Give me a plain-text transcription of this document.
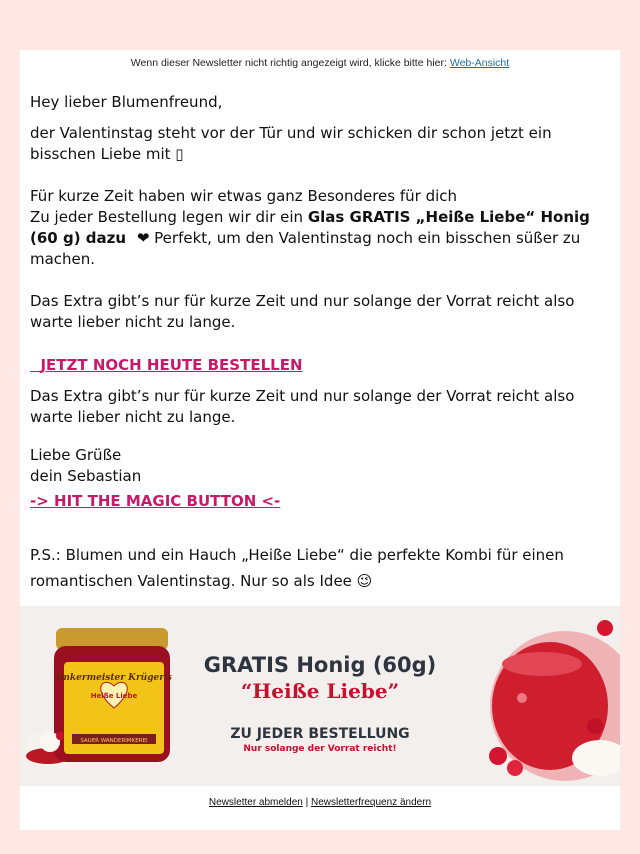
Wenn dieser Newsletter nicht richtig angezeigt wird, klicke bitte hier: Web-Ansicht
Hey lieber Blumenfreund,
der Valentinstag steht vor der Tür und wir schicken dir schon jetzt ein bisschen Liebe mit ▯
Für kurze Zeit haben wir etwas ganz Besonderes für dich
Zu jeder Bestellung legen wir dir ein Glas GRATIS „Heiße Liebe“ Honig (60 g) dazu ❤ Perfekt, um den Valentinstag noch ein bisschen süßer zu machen.
Das Extra gibt’s nur für kurze Zeit und nur solange der Vorrat reicht also warte lieber nicht zu lange.
JETZT NOCH HEUTE BESTELLEN
Das Extra gibt’s nur für kurze Zeit und nur solange der Vorrat reicht also warte lieber nicht zu lange.
Liebe Grüße
dein Sebastian
-> HIT THE MAGIC BUTTON <-
P.S.: Blumen und ein Hauch „Heiße Liebe“ die perfekte Kombi für einen romantischen Valentinstag. Nur so als Idee 😉
Imkermeister Krüger's
Heiße Liebe
SAUER WANDERIMKEREI
GRATIS Honig (60g)
“Heiße Liebe”
ZU JEDER BESTELLUNG
Nur solange der Vorrat reicht!
Newsletter abmelden | Newsletterfrequenz ändern
